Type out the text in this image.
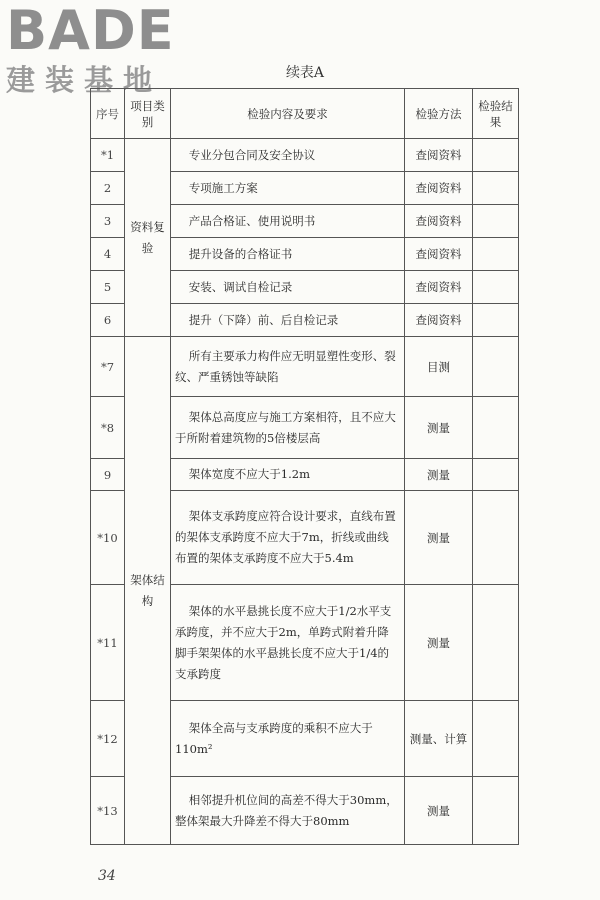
BADE
建装基地	续表A
序号	项目类别	检验内容及要求	检验方法	检验结果
*1	资料复验	专业分包合同及安全协议	查阅资料	
2		专项施工方案	查阅资料	
3		产品合格证、使用说明书	查阅资料	
4		提升设备的合格证书	查阅资料	
5		安装、调试自检记录	查阅资料	
6		提升（下降）前、后自检记录	查阅资料	
*7	架体结构	所有主要承力构件应无明显塑性变形、裂纹、严重锈蚀等缺陷	目测	
*8		架体总高度应与施工方案相符，且不应大于所附着建筑物的5倍楼层高	测量	
9		架体宽度不应大于1.2m	测量	
*10		架体支承跨度应符合设计要求，直线布置的架体支承跨度不应大于7m，折线或曲线布置的架体支承跨度不应大于5.4m	测量	
*11		架体的水平悬挑长度不应大于1/2水平支承跨度，并不应大于2m，单跨式附着升降脚手架架体的水平悬挑长度不应大于1/4的支承跨度	测量	
*12		架体全高与支承跨度的乘积不应大于110m²	测量、计算	
*13		相邻提升机位间的高差不得大于30mm，整体架最大升降差不得大于80mm	测量	
34
